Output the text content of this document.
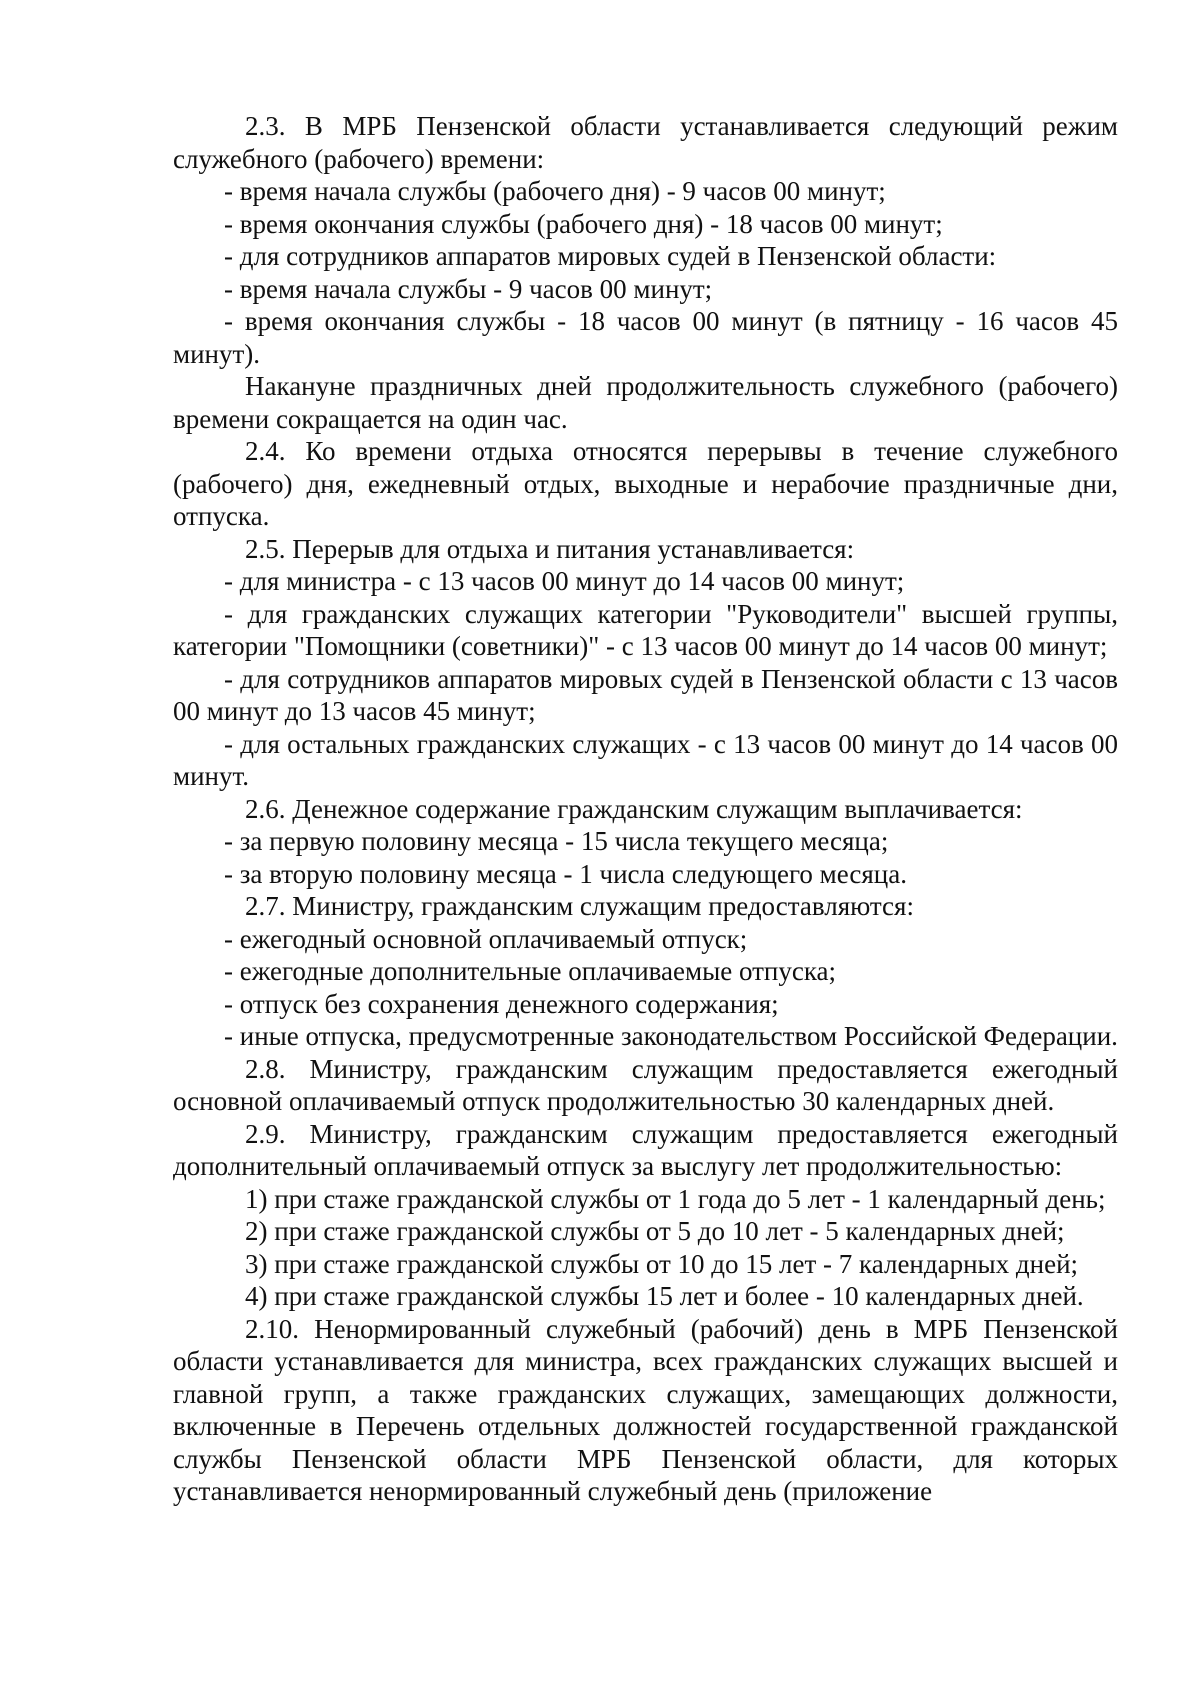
2.3. В МРБ Пензенской области устанавливается следующий режим служебного (рабочего) времени:

- время начала службы (рабочего дня) - 9 часов 00 минут;

- время окончания службы (рабочего дня) - 18 часов 00 минут;

- для сотрудников аппаратов мировых судей в Пензенской области:

- время начала службы - 9 часов 00 минут;

- время окончания службы - 18 часов 00 минут (в пятницу - 16 часов 45 минут).

Накануне праздничных дней продолжительность служебного (рабочего) времени сокращается на один час.

2.4. Ко времени отдыха относятся перерывы в течение служебного (рабочего) дня, ежедневный отдых, выходные и нерабочие праздничные дни, отпуска.

2.5. Перерыв для отдыха и питания устанавливается:

- для министра - с 13 часов 00 минут до 14 часов 00 минут;

- для гражданских служащих категории "Руководители" высшей группы, категории "Помощники (советники)" - с 13 часов 00 минут до 14 часов 00 минут;

- для сотрудников аппаратов мировых судей в Пензенской области с 13 часов 00 минут до 13 часов 45 минут;

- для остальных гражданских служащих - с 13 часов 00 минут до 14 часов 00 минут.

2.6. Денежное содержание гражданским служащим выплачивается:

- за первую половину месяца - 15 числа текущего месяца;

- за вторую половину месяца - 1 числа следующего месяца.

2.7. Министру, гражданским служащим предоставляются:

- ежегодный основной оплачиваемый отпуск;

- ежегодные дополнительные оплачиваемые отпуска;

- отпуск без сохранения денежного содержания;

- иные отпуска, предусмотренные законодательством Российской Федерации.

2.8. Министру, гражданским служащим предоставляется ежегодный основной оплачиваемый отпуск продолжительностью 30 календарных дней.

2.9. Министру, гражданским служащим предоставляется ежегодный дополнительный оплачиваемый отпуск за выслугу лет продолжительностью:

1) при стаже гражданской службы от 1 года до 5 лет - 1 календарный день;

2) при стаже гражданской службы от 5 до 10 лет - 5 календарных дней;

3) при стаже гражданской службы от 10 до 15 лет - 7 календарных дней;

4) при стаже гражданской службы 15 лет и более - 10 календарных дней.

2.10. Ненормированный служебный (рабочий) день в МРБ Пензенской области устанавливается для министра, всех гражданских служащих высшей и главной групп, а также гражданских служащих, замещающих должности, включенные в Перечень отдельных должностей государственной гражданской службы Пензенской области МРБ Пензенской области, для которых устанавливается ненормированный служебный день (приложение
